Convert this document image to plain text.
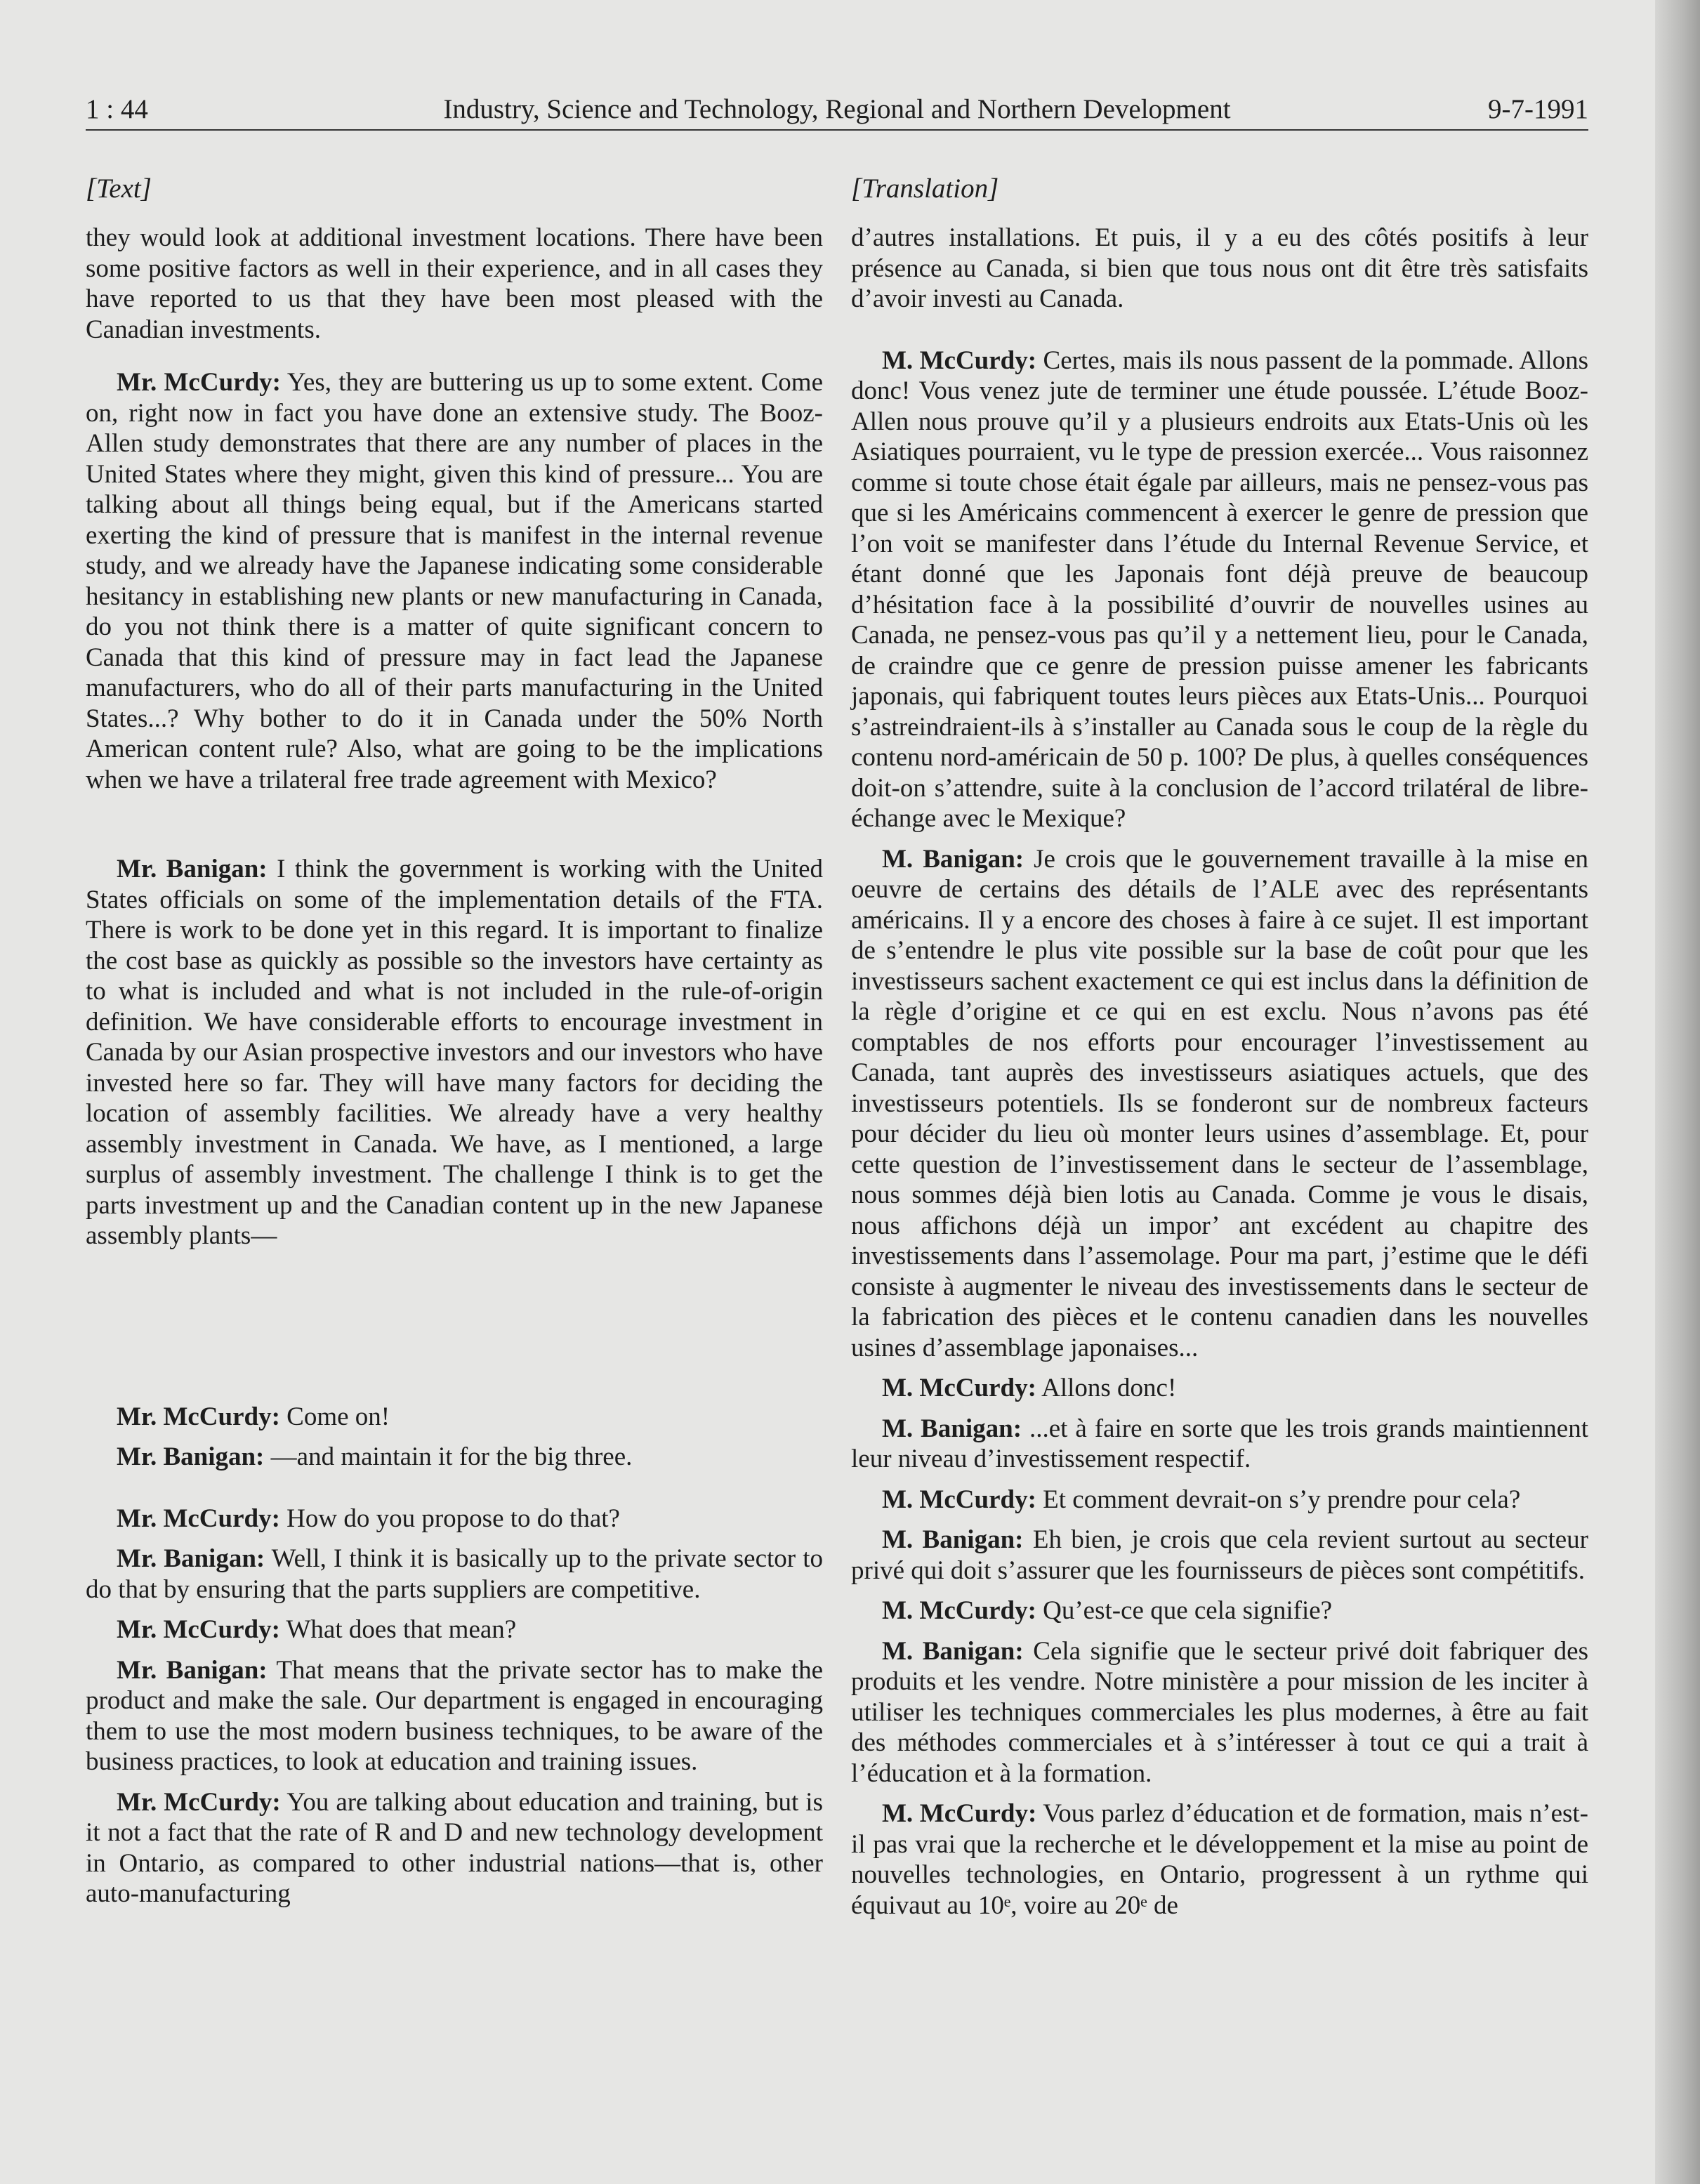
1 : 44	Industry, Science and Technology, Regional and Northern Development	9-7-1991
[Text]

they would look at additional investment locations. There have been some positive factors as well in their experience, and in all cases they have reported to us that they have been most pleased with the Canadian investments.

Mr. McCurdy: Yes, they are buttering us up to some extent. Come on, right now in fact you have done an extensive study. The Booz-Allen study demonstrates that there are any number of places in the United States where they might, given this kind of pressure... You are talking about all things being equal, but if the Americans started exerting the kind of pressure that is manifest in the internal revenue study, and we already have the Japanese indicating some considerable hesitancy in establishing new plants or new manufacturing in Canada, do you not think there is a matter of quite significant concern to Canada that this kind of pressure may in fact lead the Japanese manufacturers, who do all of their parts manufacturing in the United States...? Why bother to do it in Canada under the 50% North American content rule? Also, what are going to be the implications when we have a trilateral free trade agreement with Mexico?

Mr. Banigan: I think the government is working with the United States officials on some of the implementation details of the FTA. There is work to be done yet in this regard. It is important to finalize the cost base as quickly as possible so the investors have certainty as to what is included and what is not included in the rule-of-origin definition. We have considerable efforts to encourage investment in Canada by our Asian prospective investors and our investors who have invested here so far. They will have many factors for deciding the location of assembly facilities. We already have a very healthy assembly investment in Canada. We have, as I mentioned, a large surplus of assembly investment. The challenge I think is to get the parts investment up and the Canadian content up in the new Japanese assembly plants—

Mr. McCurdy: Come on!

Mr. Banigan: —and maintain it for the big three.

Mr. McCurdy: How do you propose to do that?

Mr. Banigan: Well, I think it is basically up to the private sector to do that by ensuring that the parts suppliers are competitive.

Mr. McCurdy: What does that mean?

Mr. Banigan: That means that the private sector has to make the product and make the sale. Our department is engaged in encouraging them to use the most modern business techniques, to be aware of the business practices, to look at education and training issues.

Mr. McCurdy: You are talking about education and training, but is it not a fact that the rate of R and D and new technology development in Ontario, as compared to other industrial nations—that is, other auto-manufacturing

[Translation]

d’autres installations. Et puis, il y a eu des côtés positifs à leur présence au Canada, si bien que tous nous ont dit être très satisfaits d’avoir investi au Canada.

M. McCurdy: Certes, mais ils nous passent de la pommade. Allons donc! Vous venez jute de terminer une étude poussée. L’étude Booz-Allen nous prouve qu’il y a plusieurs endroits aux Etats-Unis où les Asiatiques pourraient, vu le type de pression exercée... Vous raisonnez comme si toute chose était égale par ailleurs, mais ne pensez-vous pas que si les Américains commencent à exercer le genre de pression que l’on voit se manifester dans l’étude du Internal Revenue Service, et étant donné que les Japonais font déjà preuve de beaucoup d’hésitation face à la possibilité d’ouvrir de nouvelles usines au Canada, ne pensez-vous pas qu’il y a nettement lieu, pour le Canada, de craindre que ce genre de pression puisse amener les fabricants japonais, qui fabriquent toutes leurs pièces aux Etats-Unis... Pourquoi s’astreindraient-ils à s’installer au Canada sous le coup de la règle du contenu nord-américain de 50 p. 100? De plus, à quelles conséquences doit-on s’attendre, suite à la conclusion de l’accord trilatéral de libre-échange avec le Mexique?

M. Banigan: Je crois que le gouvernement travaille à la mise en oeuvre de certains des détails de l’ALE avec des représentants américains. Il y a encore des choses à faire à ce sujet. Il est important de s’entendre le plus vite possible sur la base de coût pour que les investisseurs sachent exactement ce qui est inclus dans la définition de la règle d’origine et ce qui en est exclu. Nous n’avons pas été comptables de nos efforts pour encourager l’investissement au Canada, tant auprès des investisseurs asiatiques actuels, que des investisseurs potentiels. Ils se fonderont sur de nombreux facteurs pour décider du lieu où monter leurs usines d’assemblage. Et, pour cette question de l’investissement dans le secteur de l’assemblage, nous sommes déjà bien lotis au Canada. Comme je vous le disais, nous affichons déjà un impor’ ant excédent au chapitre des investissements dans l’assemolage. Pour ma part, j’estime que le défi consiste à augmenter le niveau des investissements dans le secteur de la fabrication des pièces et le contenu canadien dans les nouvelles usines d’assemblage japonaises...

M. McCurdy: Allons donc!

M. Banigan: ...et à faire en sorte que les trois grands maintiennent leur niveau d’investissement respectif.

M. McCurdy: Et comment devrait-on s’y prendre pour cela?

M. Banigan: Eh bien, je crois que cela revient surtout au secteur privé qui doit s’assurer que les fournisseurs de pièces sont compétitifs.

M. McCurdy: Qu’est-ce que cela signifie?

M. Banigan: Cela signifie que le secteur privé doit fabriquer des produits et les vendre. Notre ministère a pour mission de les inciter à utiliser les techniques commerciales les plus modernes, à être au fait des méthodes commerciales et à s’intéresser à tout ce qui a trait à l’éducation et à la formation.

M. McCurdy: Vous parlez d’éducation et de formation, mais n’est-il pas vrai que la recherche et le développement et la mise au point de nouvelles technologies, en Ontario, progressent à un rythme qui équivaut au 10ᵉ, voire au 20ᵉ de
